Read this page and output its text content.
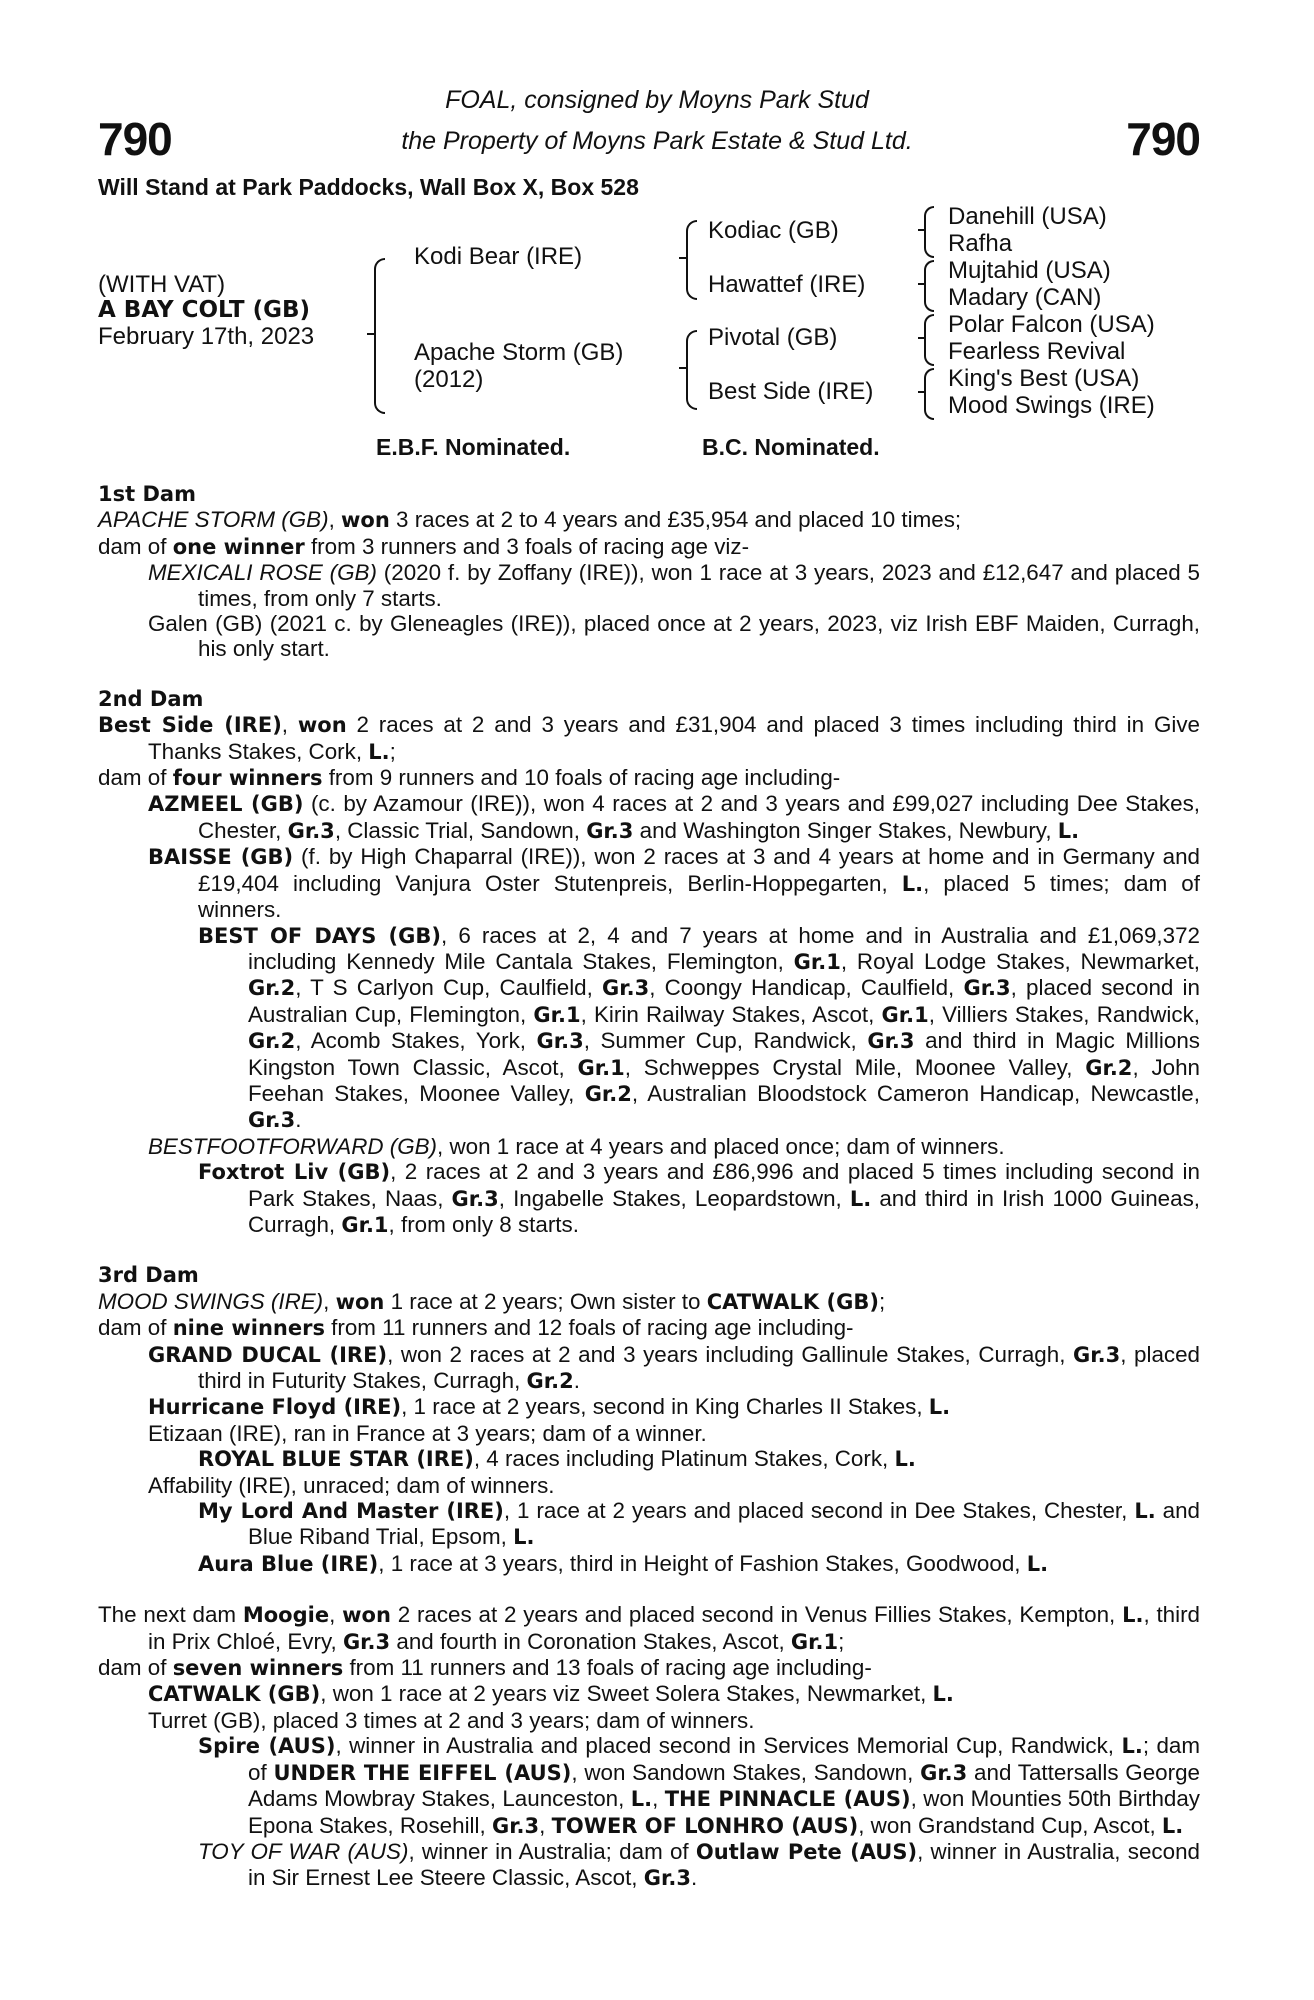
790	790
FOAL, consigned by Moyns Park Stud
the Property of Moyns Park Estate & Stud Ltd.
Will Stand at Park Paddocks, Wall Box X, Box 528
(WITH VAT)
A BAY COLT (GB)
February 17th, 2023
Kodi Bear (IRE)
Apache Storm (GB)
(2012)
Kodiac (GB)
Hawattef (IRE)
Pivotal (GB)
Best Side (IRE)
Danehill (USA)
Rafha
Mujtahid (USA)
Madary (CAN)
Polar Falcon (USA)
Fearless Revival
King's Best (USA)
Mood Swings (IRE)
E.B.F. Nominated.	B.C. Nominated.
1st Dam
APACHE STORM (GB), won 3 races at 2 to 4 years and £35,954 and placed 10 times;
dam of one winner from 3 runners and 3 foals of racing age viz-
MEXICALI ROSE (GB) (2020 f. by Zoffany (IRE)), won 1 race at 3 years, 2023 and £12,647 and placed 5 times, from only 7 starts.
Galen (GB) (2021 c. by Gleneagles (IRE)), placed once at 2 years, 2023, viz Irish EBF Maiden, Curragh, his only start.
2nd Dam
Best Side (IRE), won 2 races at 2 and 3 years and £31,904 and placed 3 times including third in Give Thanks Stakes, Cork, L.;
dam of four winners from 9 runners and 10 foals of racing age including-
AZMEEL (GB) (c. by Azamour (IRE)), won 4 races at 2 and 3 years and £99,027 including Dee Stakes, Chester, Gr.3, Classic Trial, Sandown, Gr.3 and Washington Singer Stakes, Newbury, L.
BAISSE (GB) (f. by High Chaparral (IRE)), won 2 races at 3 and 4 years at home and in Germany and £19,404 including Vanjura Oster Stutenpreis, Berlin-Hoppegarten, L., placed 5 times; dam of winners.
BEST OF DAYS (GB), 6 races at 2, 4 and 7 years at home and in Australia and £1,069,372 including Kennedy Mile Cantala Stakes, Flemington, Gr.1, Royal Lodge Stakes, Newmarket, Gr.2, T S Carlyon Cup, Caulfield, Gr.3, Coongy Handicap, Caulfield, Gr.3, placed second in Australian Cup, Flemington, Gr.1, Kirin Railway Stakes, Ascot, Gr.1, Villiers Stakes, Randwick, Gr.2, Acomb Stakes, York, Gr.3, Summer Cup, Randwick, Gr.3 and third in Magic Millions Kingston Town Classic, Ascot, Gr.1, Schweppes Crystal Mile, Moonee Valley, Gr.2, John Feehan Stakes, Moonee Valley, Gr.2, Australian Bloodstock Cameron Handicap, Newcastle, Gr.3.
BESTFOOTFORWARD (GB), won 1 race at 4 years and placed once; dam of winners.
Foxtrot Liv (GB), 2 races at 2 and 3 years and £86,996 and placed 5 times including second in Park Stakes, Naas, Gr.3, Ingabelle Stakes, Leopardstown, L. and third in Irish 1000 Guineas, Curragh, Gr.1, from only 8 starts.
3rd Dam
MOOD SWINGS (IRE), won 1 race at 2 years; Own sister to CATWALK (GB);
dam of nine winners from 11 runners and 12 foals of racing age including-
GRAND DUCAL (IRE), won 2 races at 2 and 3 years including Gallinule Stakes, Curragh, Gr.3, placed third in Futurity Stakes, Curragh, Gr.2.
Hurricane Floyd (IRE), 1 race at 2 years, second in King Charles II Stakes, L.
Etizaan (IRE), ran in France at 3 years; dam of a winner.
ROYAL BLUE STAR (IRE), 4 races including Platinum Stakes, Cork, L.
Affability (IRE), unraced; dam of winners.
My Lord And Master (IRE), 1 race at 2 years and placed second in Dee Stakes, Chester, L. and Blue Riband Trial, Epsom, L.
Aura Blue (IRE), 1 race at 3 years, third in Height of Fashion Stakes, Goodwood, L.
The next dam Moogie, won 2 races at 2 years and placed second in Venus Fillies Stakes, Kempton, L., third in Prix Chloé, Evry, Gr.3 and fourth in Coronation Stakes, Ascot, Gr.1;
dam of seven winners from 11 runners and 13 foals of racing age including-
CATWALK (GB), won 1 race at 2 years viz Sweet Solera Stakes, Newmarket, L.
Turret (GB), placed 3 times at 2 and 3 years; dam of winners.
Spire (AUS), winner in Australia and placed second in Services Memorial Cup, Randwick, L.; dam of UNDER THE EIFFEL (AUS), won Sandown Stakes, Sandown, Gr.3 and Tattersalls George Adams Mowbray Stakes, Launceston, L., THE PINNACLE (AUS), won Mounties 50th Birthday Epona Stakes, Rosehill, Gr.3, TOWER OF LONHRO (AUS), won Grandstand Cup, Ascot, L.
TOY OF WAR (AUS), winner in Australia; dam of Outlaw Pete (AUS), winner in Australia, second in Sir Ernest Lee Steere Classic, Ascot, Gr.3.
